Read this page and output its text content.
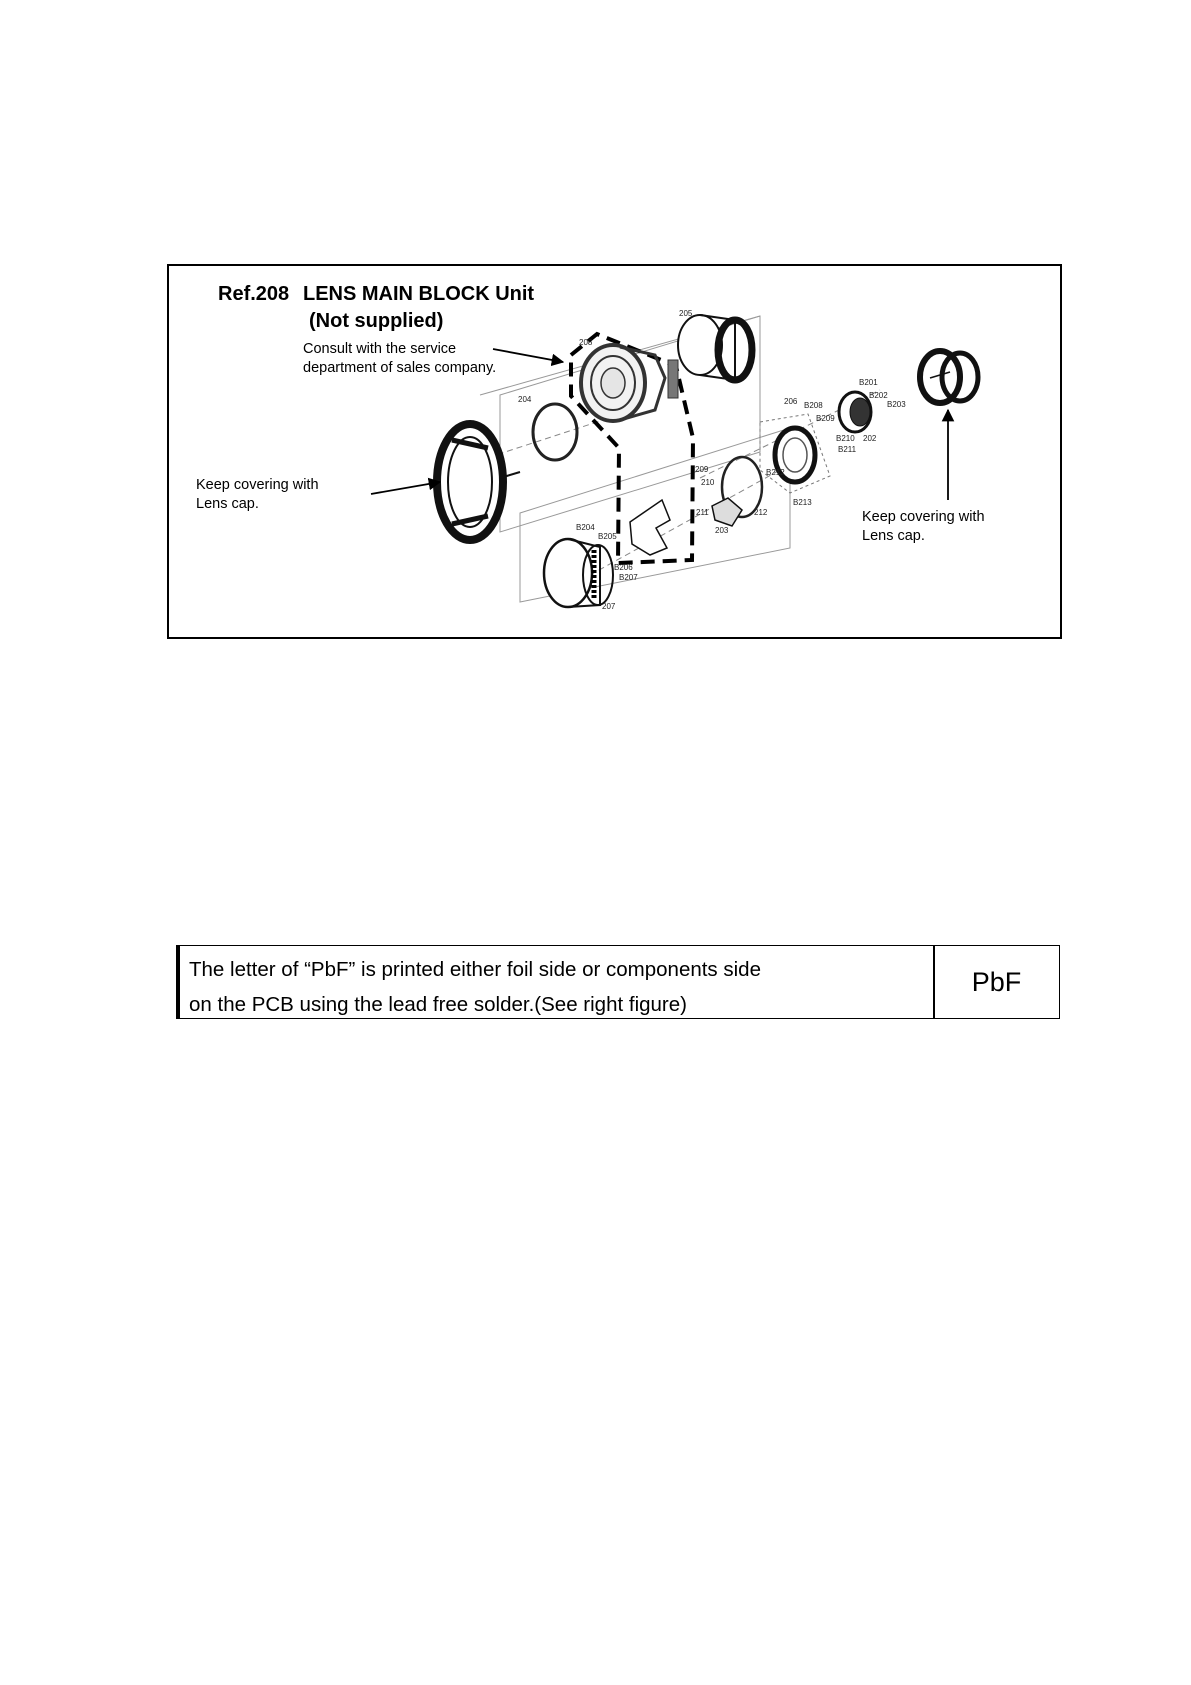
Ref.208 LENS MAIN BLOCK Unit
(Not supplied)
Consult with the service
department of sales company.
Keep covering with
Lens cap.
Keep covering with
Lens cap.
205
208
204	206 B208
B209
B201
B202
B203
202
B210
B211
B212
B213
209
210
211
203
212
B204
B205
B206
B207
207
The letter of “PbF” is printed either foil side or components side
on the PCB using the lead free solder.(See right figure)
PbF
